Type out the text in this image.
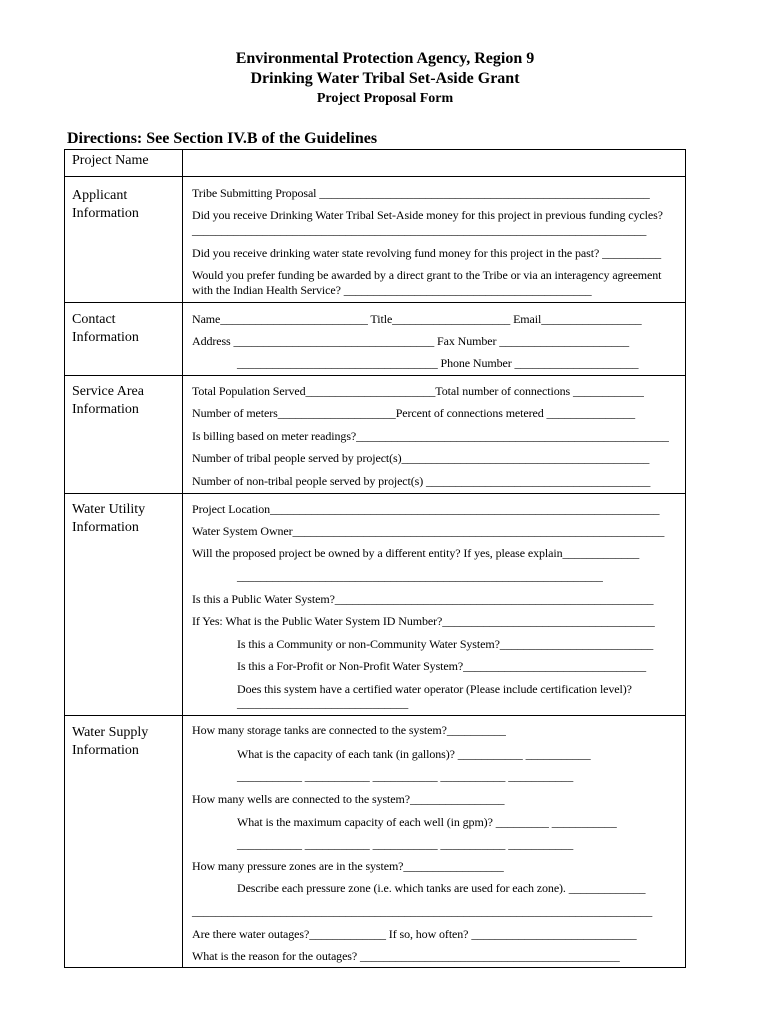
Environmental Protection Agency, Region 9
Drinking Water Tribal Set-Aside Grant
Project Proposal Form
Directions: See Section IV.B of the Guidelines
Project Name
Applicant
Information
Tribe Submitting Proposal ________________________________________________________
Did you receive Drinking Water Tribal Set-Aside money for this project in previous funding cycles?
_____________________________________________________________________________
Did you receive drinking water state revolving fund money for this project in the past? __________
Would you prefer funding be awarded by a direct grant to the Tribe or via an interagency agreement
with the Indian Health Service? __________________________________________
Contact
Information
Name_________________________ Title____________________ Email_________________
Address __________________________________ Fax Number ______________________
__________________________________ Phone Number _____________________
Service Area
Information
Total Population Served______________________Total number of connections ____________
Number of meters____________________Percent of connections metered _______________
Is billing based on meter readings?_____________________________________________________
Number of tribal people served by project(s)__________________________________________
Number of non-tribal people served by project(s) ______________________________________
Water Utility
Information
Project Location__________________________________________________________________
Water System Owner_______________________________________________________________
Will the proposed project be owned by a different entity? If yes, please explain_____________
______________________________________________________________
Is this a Public Water System?______________________________________________________
If Yes: What is the Public Water System ID Number?____________________________________
Is this a Community or non-Community Water System?__________________________
Is this a For-Profit or Non-Profit Water System?_______________________________
Does this system have a certified water operator (Please include certification level)?
_____________________________
Water Supply
Information
How many storage tanks are connected to the system?__________
What is the capacity of each tank (in gallons)? ___________ ___________
___________ ___________ ___________ ___________ ___________
How many wells are connected to the system?________________
What is the maximum capacity of each well (in gpm)? _________ ___________
___________ ___________ ___________ ___________ ___________
How many pressure zones are in the system?_________________
Describe each pressure zone (i.e. which tanks are used for each zone). _____________
______________________________________________________________________________
Are there water outages?_____________ If so, how often? ____________________________
What is the reason for the outages? ____________________________________________
